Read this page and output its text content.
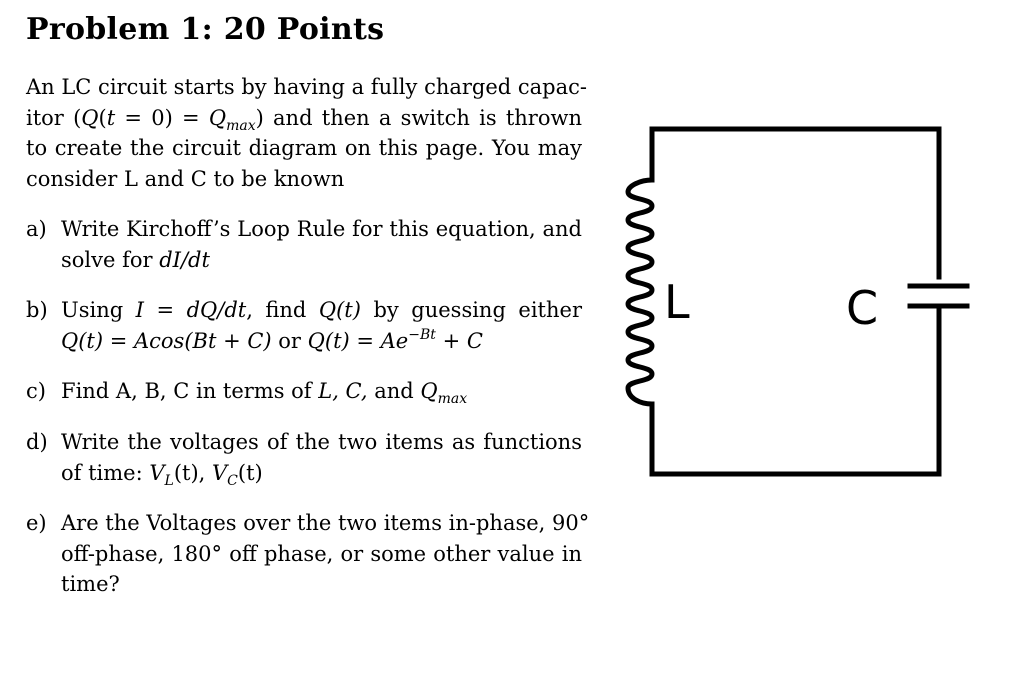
Problem 1: 20 Points
An LC circuit starts by having a fully charged capac-
itor $(Q(t = 0) = Q_{max})$ and then a switch is thrown
to create the circuit diagram on this page. You may
consider L and C to be known
a) Write Kirchoff’s Loop Rule for this equation, and
solve for dI/dt
b) Using I = dQ/dt, find Q(t) by guessing either
Q(t) = Acos(Bt + C) or $Q(t) = Ae^{-Bt} + C$
c) Find A, B, C in terms of L, C, and $Q_{max}$
d) Write the voltages of the two items as functions
of time: $V_L(t)$, $V_C(t)$
e) Are the Voltages over the two items in-phase, 90°
off-phase, 180° off phase, or some other value in
time?
L	C
